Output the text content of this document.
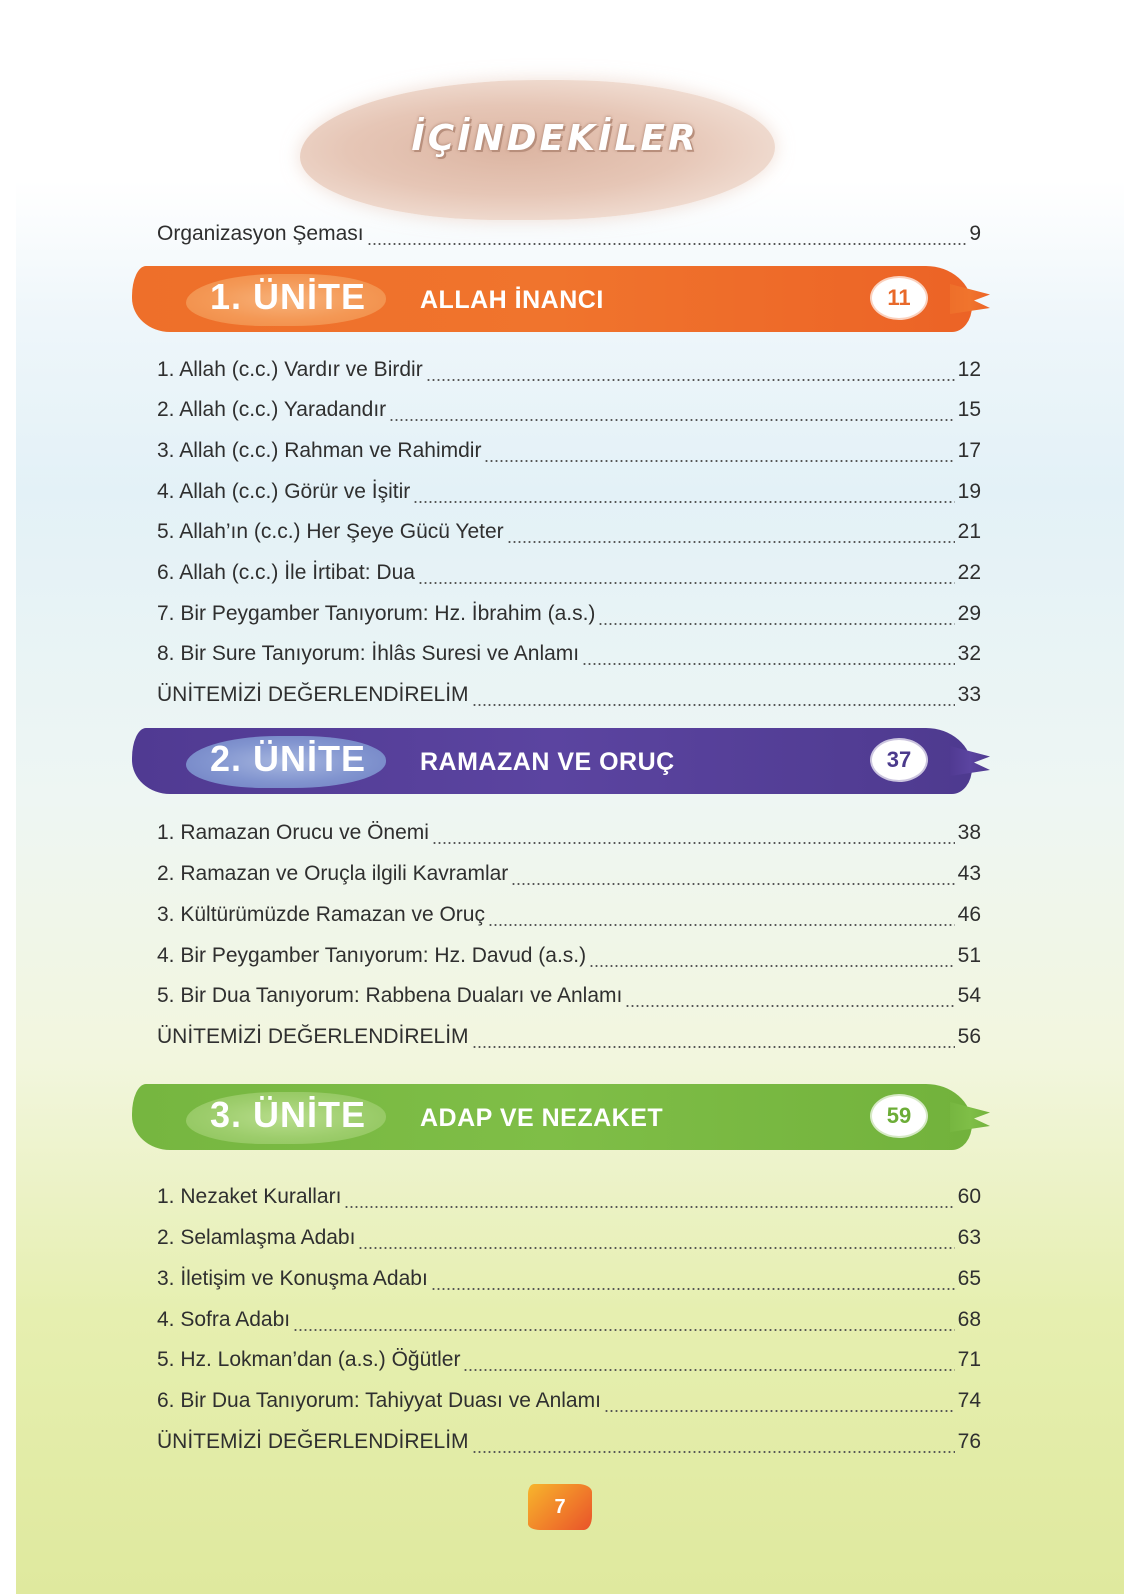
İÇİNDEKİLER
Organizasyon Şeması	9
1. ÜNİTE ALLAH İNANCI	11
1. Allah (c.c.) Vardır ve Birdir	12
2. Allah (c.c.) Yaradandır	15
3. Allah (c.c.) Rahman ve Rahimdir	17
4. Allah (c.c.) Görür ve İşitir	19
5. Allah’ın (c.c.) Her Şeye Gücü Yeter	21
6. Allah (c.c.) İle İrtibat: Dua	22
7. Bir Peygamber Tanıyorum: Hz. İbrahim (a.s.)	29
8. Bir Sure Tanıyorum: İhlâs Suresi ve Anlamı	32
ÜNİTEMİZİ DEĞERLENDİRELİM	33
2. ÜNİTE RAMAZAN VE ORUÇ	37
1. Ramazan Orucu ve Önemi	38
2. Ramazan ve Oruçla ilgili Kavramlar	43
3. Kültürümüzde Ramazan ve Oruç	46
4. Bir Peygamber Tanıyorum: Hz. Davud (a.s.)	51
5. Bir Dua Tanıyorum: Rabbena Duaları ve Anlamı	54
ÜNİTEMİZİ DEĞERLENDİRELİM	56
3. ÜNİTE ADAP VE NEZAKET	59
1. Nezaket Kuralları	60
2. Selamlaşma Adabı	63
3. İletişim ve Konuşma Adabı	65
4. Sofra Adabı	68
5. Hz. Lokman’dan (a.s.) Öğütler	71
6. Bir Dua Tanıyorum: Tahiyyat Duası ve Anlamı	74
ÜNİTEMİZİ DEĞERLENDİRELİM	76
7
